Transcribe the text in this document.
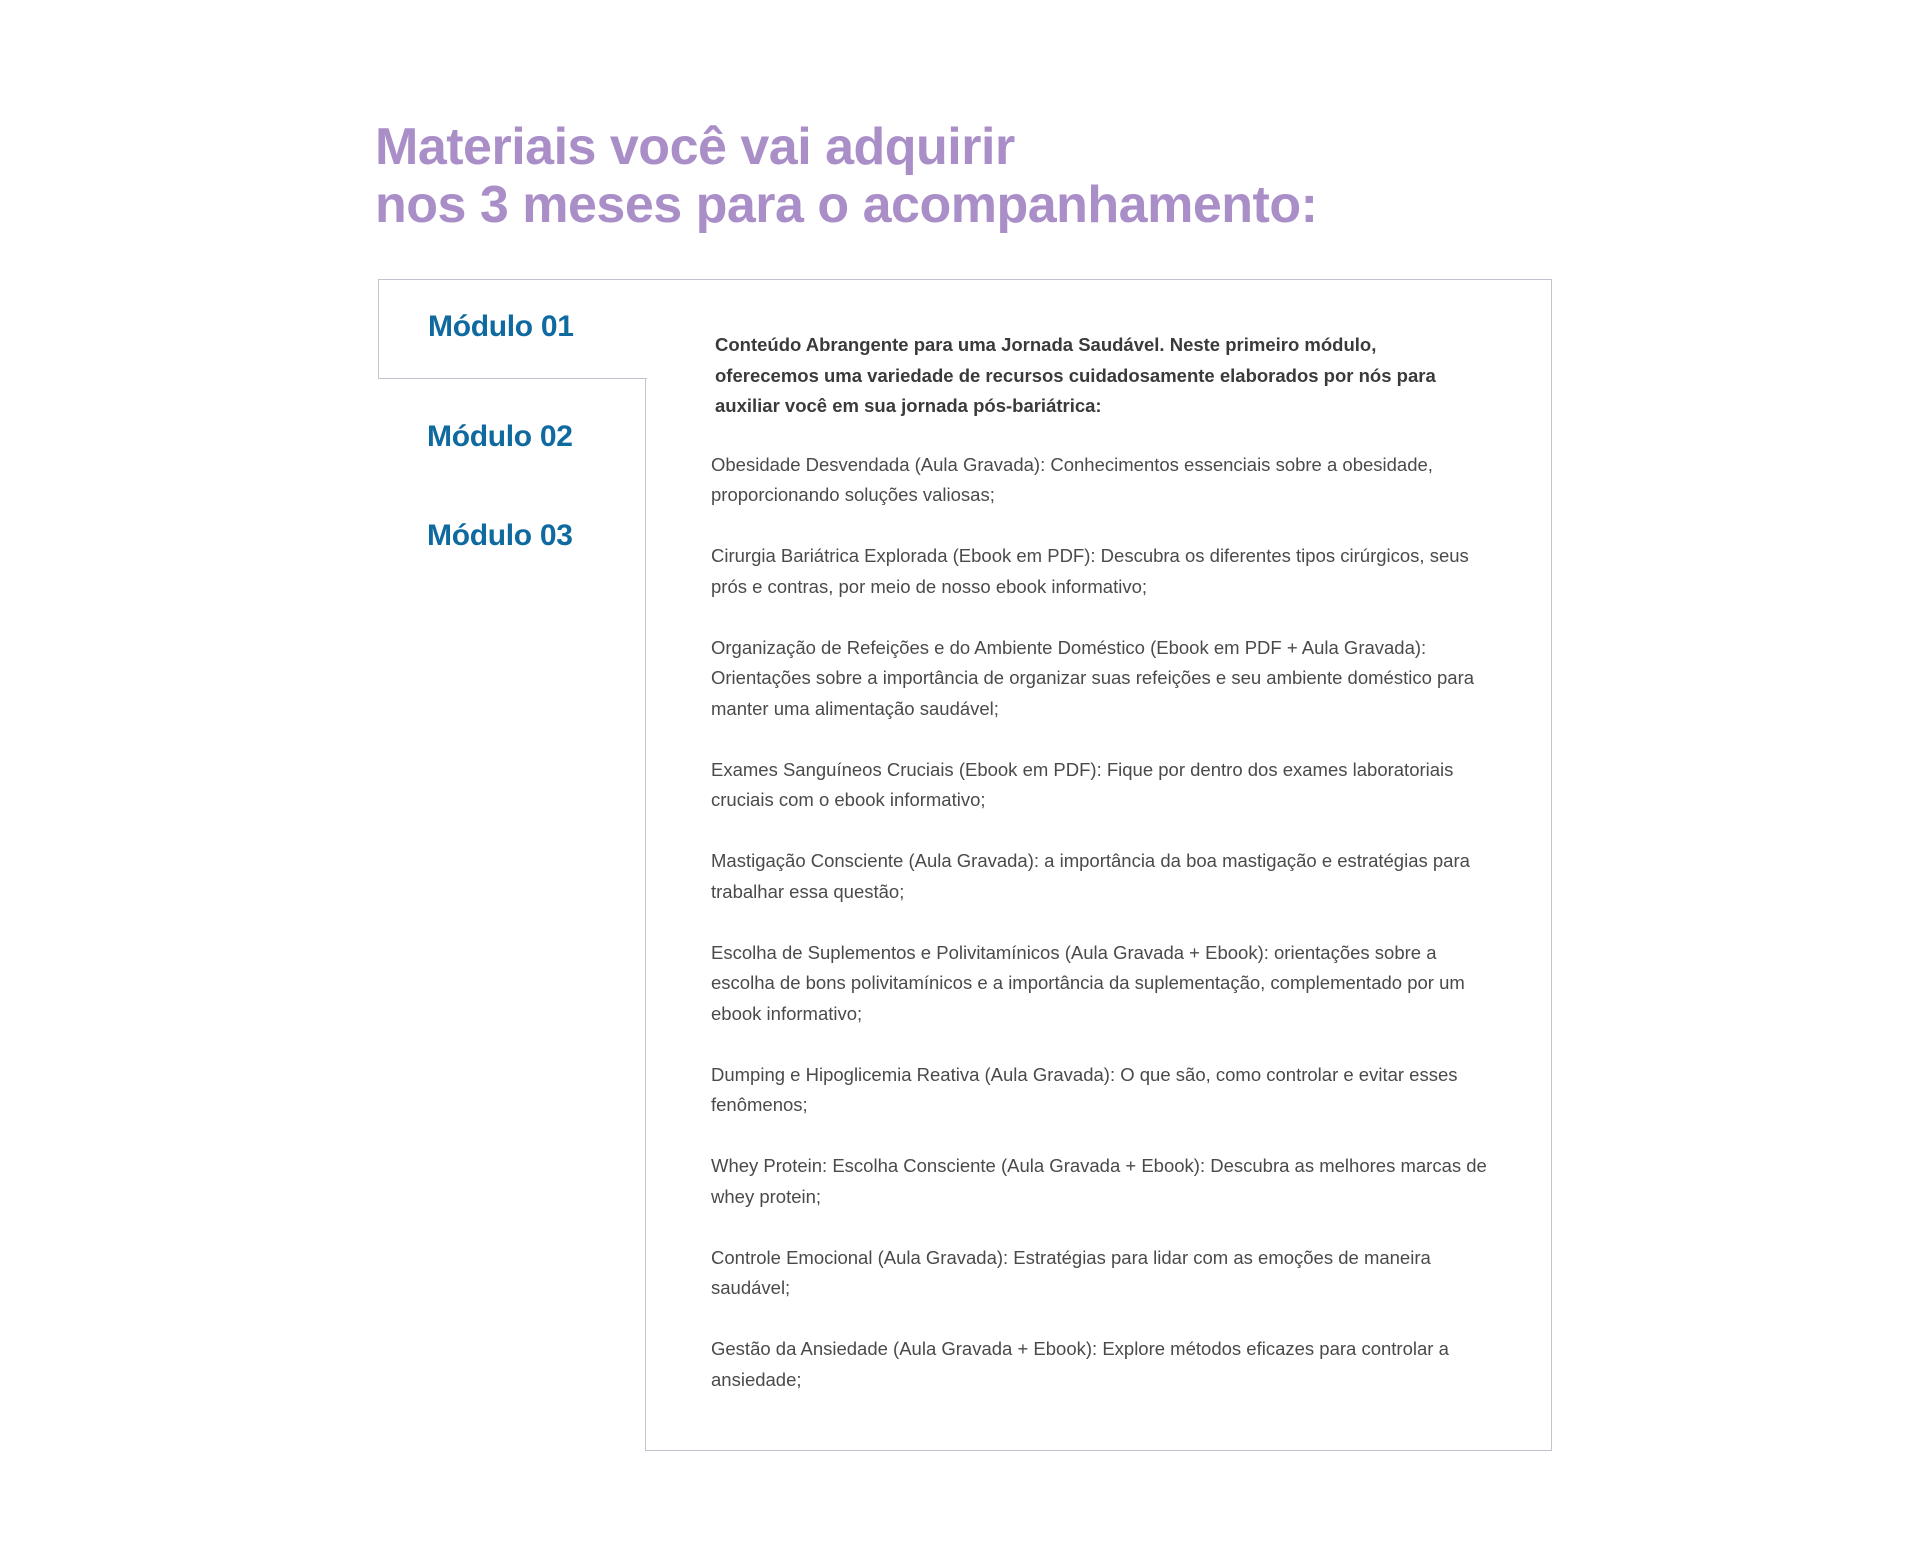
Materiais você vai adquirir
nos 3 meses para o acompanhamento:
Módulo 01
Módulo 02
Módulo 03

Conteúdo Abrangente para uma Jornada Saudável. Neste primeiro módulo, oferecemos uma variedade de recursos cuidadosamente elaborados por nós para auxiliar você em sua jornada pós-bariátrica:

Obesidade Desvendada (Aula Gravada): Conhecimentos essenciais sobre a obesidade, proporcionando soluções valiosas;
Cirurgia Bariátrica Explorada (Ebook em PDF): Descubra os diferentes tipos cirúrgicos, seus prós e contras, por meio de nosso ebook informativo;
Organização de Refeições e do Ambiente Doméstico (Ebook em PDF + Aula Gravada): Orientações sobre a importância de organizar suas refeições e seu ambiente doméstico para manter uma alimentação saudável;
Exames Sanguíneos Cruciais (Ebook em PDF): Fique por dentro dos exames laboratoriais cruciais com o ebook informativo;
Mastigação Consciente (Aula Gravada): a importância da boa mastigação e estratégias para trabalhar essa questão;
Escolha de Suplementos e Polivitamínicos (Aula Gravada + Ebook): orientações sobre a escolha de bons polivitamínicos e a importância da suplementação, complementado por um ebook informativo;
Dumping e Hipoglicemia Reativa (Aula Gravada): O que são, como controlar e evitar esses fenômenos;
Whey Protein: Escolha Consciente (Aula Gravada + Ebook): Descubra as melhores marcas de whey protein;
Controle Emocional (Aula Gravada): Estratégias para lidar com as emoções de maneira saudável;
Gestão da Ansiedade (Aula Gravada + Ebook): Explore métodos eficazes para controlar a ansiedade;
